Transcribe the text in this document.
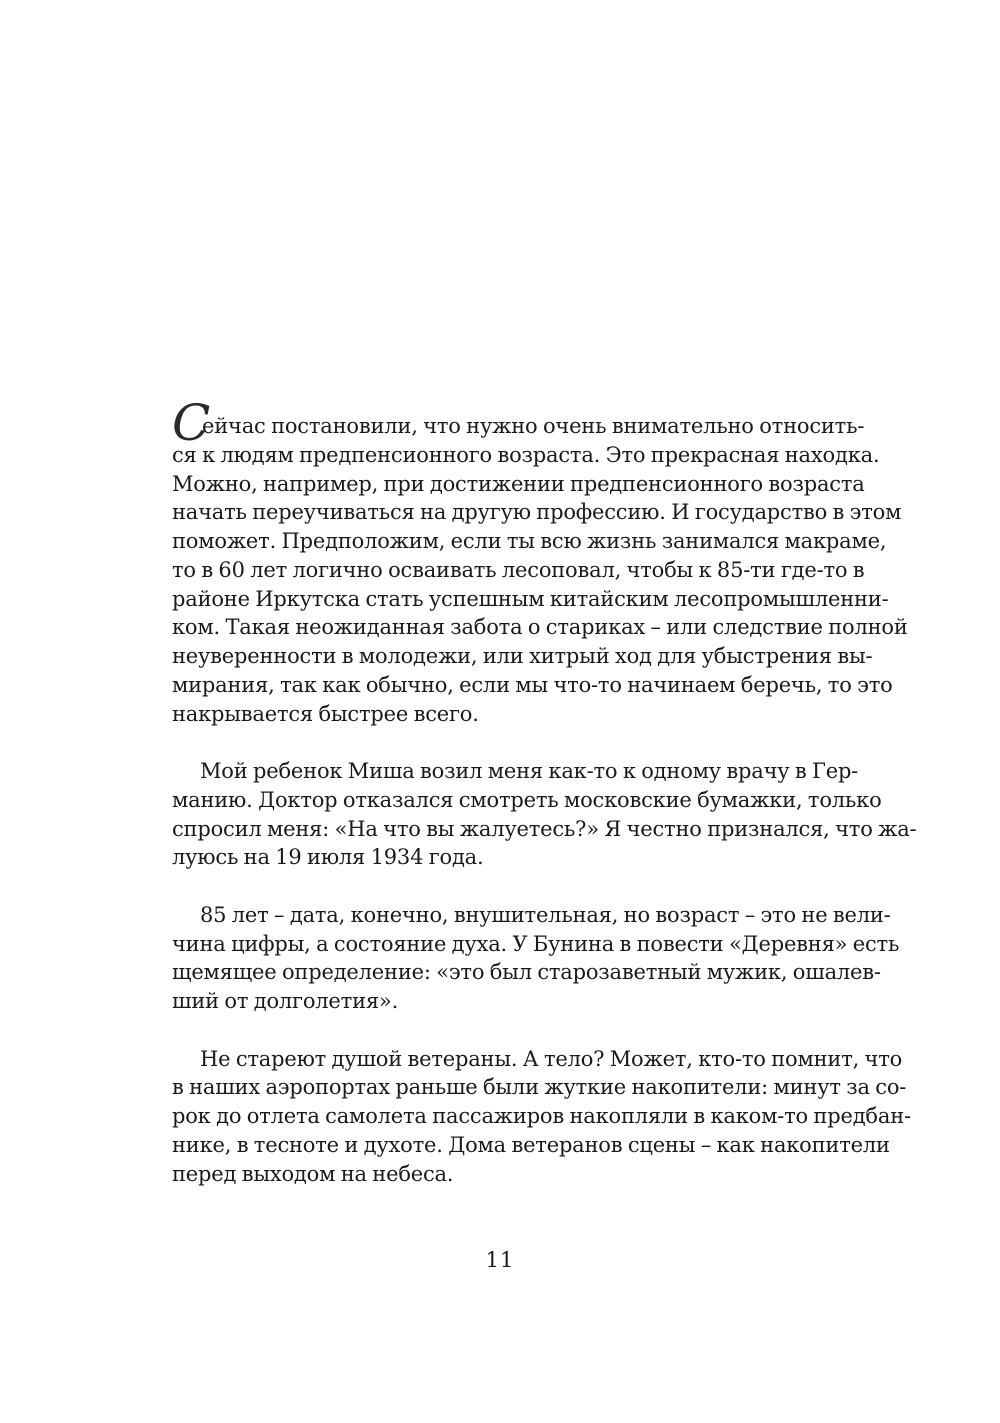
С
ейчас постановили, что нужно очень внимательно относить-
ся к людям предпенсионного возраста. Это прекрасная находка.
Можно, например, при достижении предпенсионного возраста
начать переучиваться на другую профессию. И государство в этом
поможет. Предположим, если ты всю жизнь занимался макраме,
то в 60 лет логично осваивать лесоповал, чтобы к 85-ти где-то в
районе Иркутска стать успешным китайским лесопромышленни-
ком. Такая неожиданная забота о стариках – или следствие полной
неуверенности в молодежи, или хитрый ход для убыстрения вы-
мирания, так как обычно, если мы что-то начинаем беречь, то это
накрывается быстрее всего.
Мой ребенок Миша возил меня как-то к одному врачу в Гер-
манию. Доктор отказался смотреть московские бумажки, только
спросил меня: «На что вы жалуетесь?» Я честно признался, что жа-
луюсь на 19 июля 1934 года.
85 лет – дата, конечно, внушительная, но возраст – это не вели-
чина цифры, а состояние духа. У Бунина в повести «Деревня» есть
щемящее определение: «это был старозаветный мужик, ошалев-
ший от долголетия».
Не стареют душой ветераны. А тело? Может, кто-то помнит, что
в наших аэропортах раньше были жуткие накопители: минут за со-
рок до отлета самолета пассажиров накопляли в каком-то предбан-
нике, в тесноте и духоте. Дома ветеранов сцены – как накопители
перед выходом на небеса.
11
